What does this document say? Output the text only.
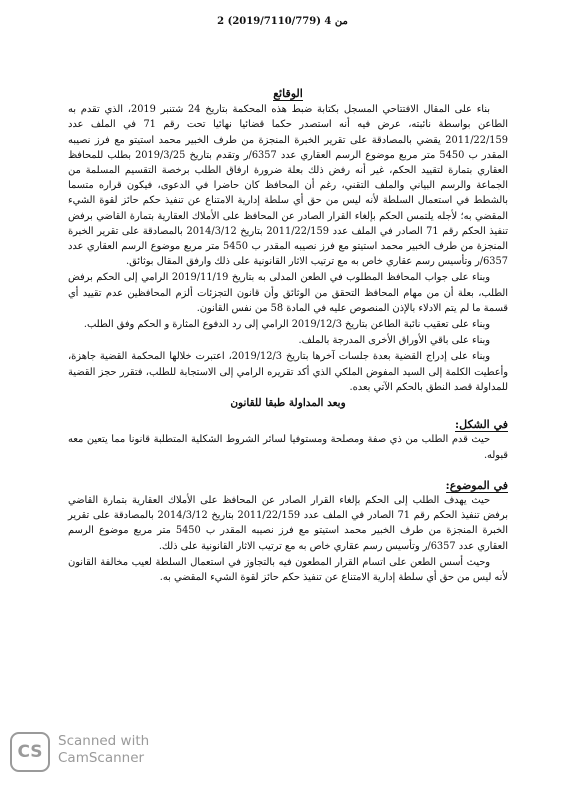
2 من 4 (2019/7110/779)
الوقائع

بناء على المقال الافتتاحي المسجل بكتابة ضبط هذه المحكمة بتاريخ 24 شتنبر 2019، الذي تقدم به الطاعن بواسطة نائبته، عرض فيه أنه استصدر حكما قضائيا نهائيا تحت رقم 71 في الملف عدد 2011/22/159 يقضي بالمصادقة على تقرير الخبرة المنجزة من طرف الخبير محمد استيتو مع فرز نصيبه المقدر ب 5450 متر مربع موضوع الرسم العقاري عدد 6357/ر وتقدم بتاريخ 2019/3/25 بطلب للمحافظ العقاري بتمارة لتقييد الحكم، غير أنه رفض ذلك بعلة ضرورة ارفاق الطلب برخصة التقسيم المسلمة من الجماعة والرسم البياني والملف التقني، رغم أن المحافظ كان حاضرا في الدعوى، فيكون قراره متسما بالشطط في استعمال السلطة لأنه ليس من حق أي سلطة إدارية الامتناع عن تنفيذ حكم حائز لقوة الشيء المقضي به؛ لأجله يلتمس الحكم بإلغاء القرار الصادر عن المحافظ على الأملاك العقارية بتمارة القاضي برفض تنفيذ الحكم رقم 71 الصادر في الملف عدد 2011/22/159 بتاريخ 2014/3/12 بالمصادقة على تقرير الخبرة المنجزة من طرف الخبير محمد استيتو مع فرز نصيبه المقدر ب 5450 متر مربع موضوع الرسم العقاري عدد 6357/ر وتأسيس رسم عقاري خاص به مع ترتيب الاثار القانونية على ذلك وارفق المقال بوثائق.

وبناء على جواب المحافظ المطلوب في الطعن المدلى به بتاريخ 2019/11/19 الرامي إلى الحكم برفض الطلب، بعلة أن من مهام المحافظ التحقق من الوثائق وأن قانون التجزئات ألزم المحافظين عدم تقييد أي قسمة ما لم يتم الادلاء بالإذن المنصوص عليه في المادة 58 من نفس القانون.

وبناء على تعقيب نائبة الطاعن بتاريخ 2019/12/3 الرامي إلى رد الدفوع المثارة و الحكم وفق الطلب.

وبناء على باقي الأوراق الأخرى المدرجة بالملف.

وبناء على إدراج القضية بعدة جلسات آخرها بتاريخ 2019/12/3، اعتبرت خلالها المحكمة القضية جاهزة، وأعطيت الكلمة إلى السيد المفوض الملكي الذي أكد تقريره الرامي إلى الاستجابة للطلب، فتقرر حجز القضية للمداولة قصد النطق بالحكم الآتي بعده.

وبعد المداولة طبقا للقانون
في الشكل:

حيث قدم الطلب من ذي صفة ومصلحة ومستوفيا لسائر الشروط الشكلية المتطلبة قانونا مما يتعين معه قبوله.

في الموضوع:

حيث يهدف الطلب إلى الحكم بإلغاء القرار الصادر عن المحافظ على الأملاك العقارية بتمارة القاضي برفض تنفيذ الحكم رقم 71 الصادر في الملف عدد 2011/22/159 بتاريخ 2014/3/12 بالمصادقة على تقرير الخبرة المنجزة من طرف الخبير محمد استيتو مع فرز نصيبه المقدر ب 5450 متر مربع موضوع الرسم العقاري عدد 6357/ر وتأسيس رسم عقاري خاص به مع ترتيب الاثار القانونية على ذلك.

وحيث أسس الطعن على اتسام القرار المطعون فيه بالتجاوز في استعمال السلطة لعيب مخالفة القانون لأنه ليس من حق أي سلطة إدارية الامتناع عن تنفيذ حكم حائز لقوة الشيء المقضي به.

CS
Scanned with
CamScanner
